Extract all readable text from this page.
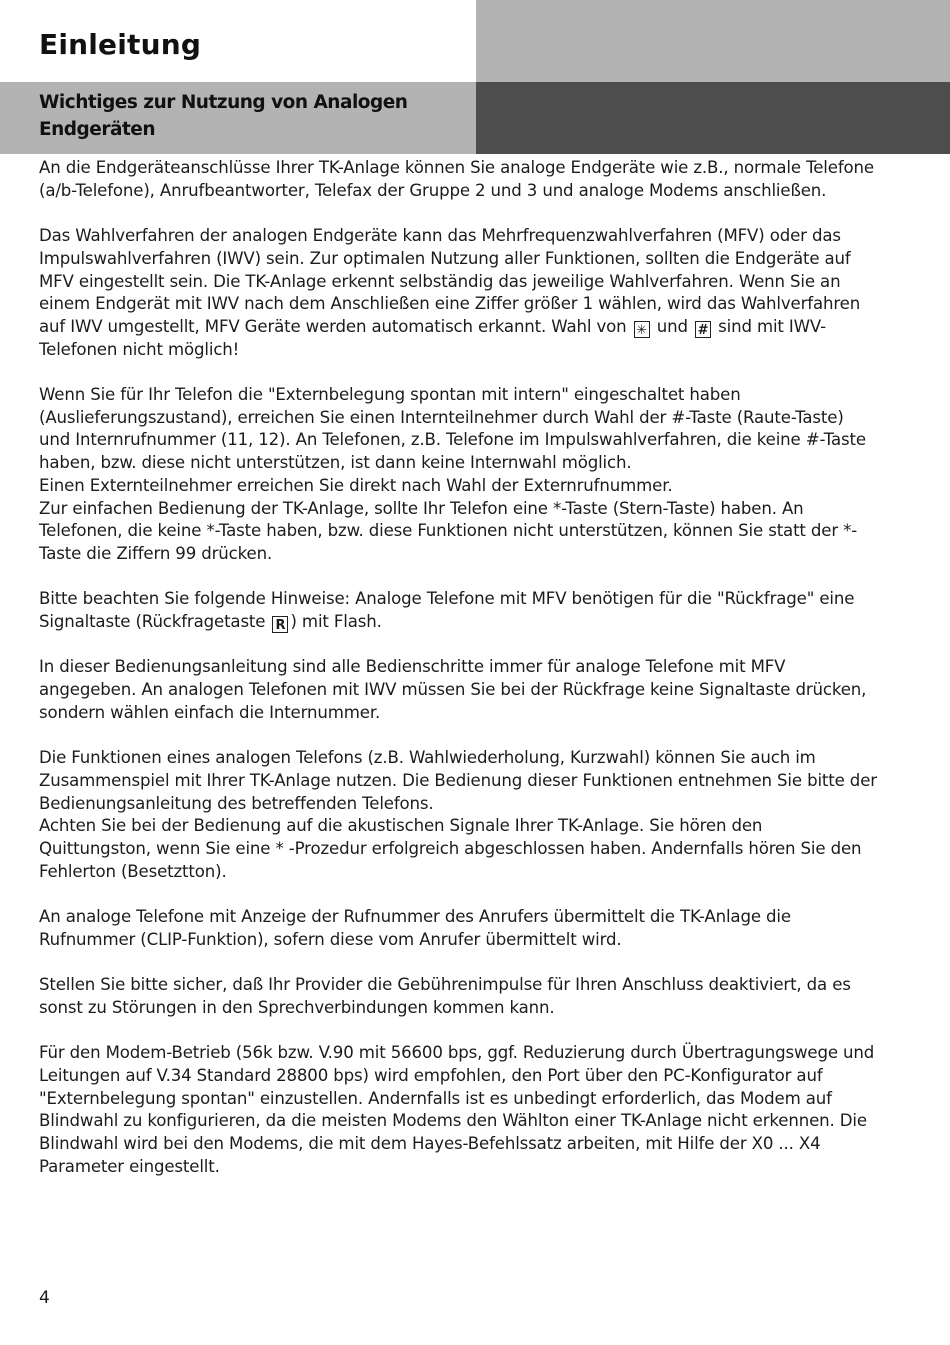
Einleitung
Wichtiges zur Nutzung von Analogen Endgeräten

An die Endgeräteanschlüsse Ihrer TK-Anlage können Sie analoge Endgeräte wie z.B., normale Telefone (a/b-Telefone), Anrufbeantworter, Telefax der Gruppe 2 und 3 und analoge Modems anschließen.

Das Wahlverfahren der analogen Endgeräte kann das Mehrfrequenzwahlverfahren (MFV) oder das Impulswahlverfahren (IWV) sein. Zur optimalen Nutzung aller Funktionen, sollten die Endgeräte auf MFV eingestellt sein. Die TK-Anlage erkennt selbständig das jeweilige Wahlverfahren. Wenn Sie an einem Endgerät mit IWV nach dem Anschließen eine Ziffer größer 1 wählen, wird das Wahlverfahren auf IWV umgestellt, MFV Geräte werden automatisch erkannt. Wahl von ✳ und # sind mit IWV-Telefonen nicht möglich!

Wenn Sie für Ihr Telefon die "Externbelegung spontan mit intern" eingeschaltet haben (Auslieferungszustand), erreichen Sie einen Internteilnehmer durch Wahl der #-Taste (Raute-Taste) und Internrufnummer (11, 12). An Telefonen, z.B. Telefone im Impulswahlverfahren, die keine #-Taste haben, bzw. diese nicht unterstützen, ist dann keine Internwahl möglich.
Einen Externteilnehmer erreichen Sie direkt nach Wahl der Externrufnummer.
Zur einfachen Bedienung der TK-Anlage, sollte Ihr Telefon eine *-Taste (Stern-Taste) haben. An Telefonen, die keine *-Taste haben, bzw. diese Funktionen nicht unterstützen, können Sie statt der *-Taste die Ziffern 99 drücken.

Bitte beachten Sie folgende Hinweise: Analoge Telefone mit MFV benötigen für die "Rückfrage" eine Signaltaste (Rückfragetaste R ) mit Flash.

In dieser Bedienungsanleitung sind alle Bedienschritte immer für analoge Telefone mit MFV angegeben. An analogen Telefonen mit IWV müssen Sie bei der Rückfrage keine Signaltaste drücken, sondern wählen einfach die Internummer.

Die Funktionen eines analogen Telefons (z.B. Wahlwiederholung, Kurzwahl) können Sie auch im Zusammenspiel mit Ihrer TK-Anlage nutzen. Die Bedienung dieser Funktionen entnehmen Sie bitte der Bedienungsanleitung des betreffenden Telefons.
Achten Sie bei der Bedienung auf die akustischen Signale Ihrer TK-Anlage. Sie hören den Quittungston, wenn Sie eine * -Prozedur erfolgreich abgeschlossen haben. Andernfalls hören Sie den Fehlerton (Besetztton).

An analoge Telefone mit Anzeige der Rufnummer des Anrufers übermittelt die TK-Anlage die Rufnummer (CLIP-Funktion), sofern diese vom Anrufer übermittelt wird.

Stellen Sie bitte sicher, daß Ihr Provider die Gebührenimpulse für Ihren Anschluss deaktiviert, da es sonst zu Störungen in den Sprechverbindungen kommen kann.

Für den Modem-Betrieb (56k bzw. V.90 mit 56600 bps, ggf. Reduzierung durch Übertragungswege und Leitungen auf V.34 Standard 28800 bps) wird empfohlen, den Port über den PC-Konfigurator auf "Externbelegung spontan" einzustellen. Andernfalls ist es unbedingt erforderlich, das Modem auf Blindwahl zu konfigurieren, da die meisten Modems den Wählton einer TK-Anlage nicht erkennen. Die Blindwahl wird bei den Modems, die mit dem Hayes-Befehlssatz arbeiten, mit Hilfe der X0 ... X4 Parameter eingestellt.

4
